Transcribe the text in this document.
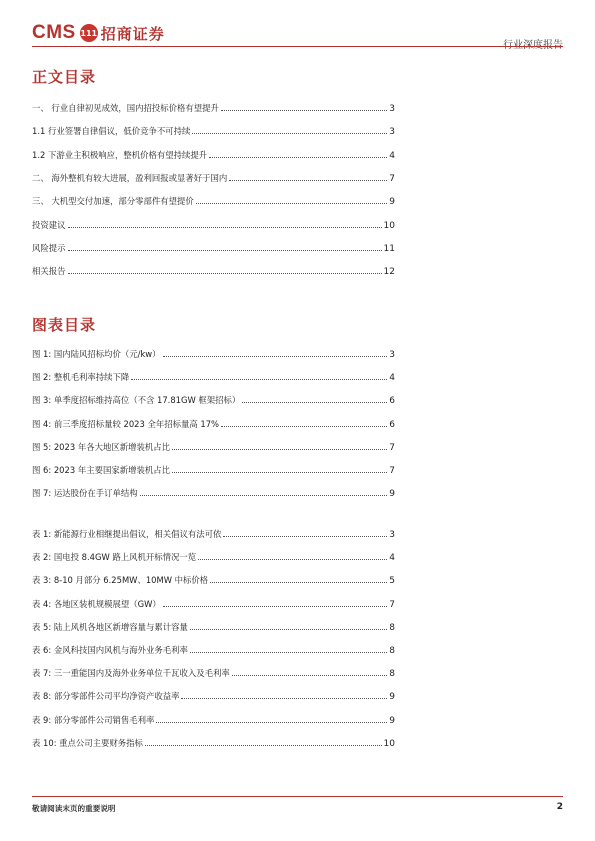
CMS 111 招商证券
行业深度报告
正文目录
一、 行业自律初见成效，国内招投标价格有望提升	3
1.1 行业签署自律倡议，低价竞争不可持续	3
1.2 下游业主积极响应，整机价格有望持续提升	4
二、 海外整机有较大进展，盈利回报或显著好于国内	7
三、 大机型交付加速，部分零部件有望提价	9
投资建议	10
风险提示	11
相关报告	12
图表目录
图 1: 国内陆风招标均价（元/kw）	3
图 2: 整机毛利率持续下降	4
图 3: 单季度招标维持高位（不含 17.81GW 框架招标）	6
图 4: 前三季度招标量较 2023 全年招标量高 17%	6
图 5: 2023 年各大地区新增装机占比	7
图 6: 2023 年主要国家新增装机占比	7
图 7: 运达股份在手订单结构	9
表 1: 新能源行业相继提出倡议，相关倡议有法可依	3
表 2: 国电投 8.4GW 路上风机开标情况一览	4
表 3: 8-10 月部分 6.25MW、10MW 中标价格	5
表 4: 各地区装机规模展望（GW）	7
表 5: 陆上风机各地区新增容量与累计容量	8
表 6: 金风科技国内风机与海外业务毛利率	8
表 7: 三一重能国内及海外业务单位千瓦收入及毛利率	8
表 8: 部分零部件公司平均净资产收益率	9
表 9: 部分零部件公司销售毛利率	9
表 10: 重点公司主要财务指标	10
敬请阅读末页的重要说明	2
